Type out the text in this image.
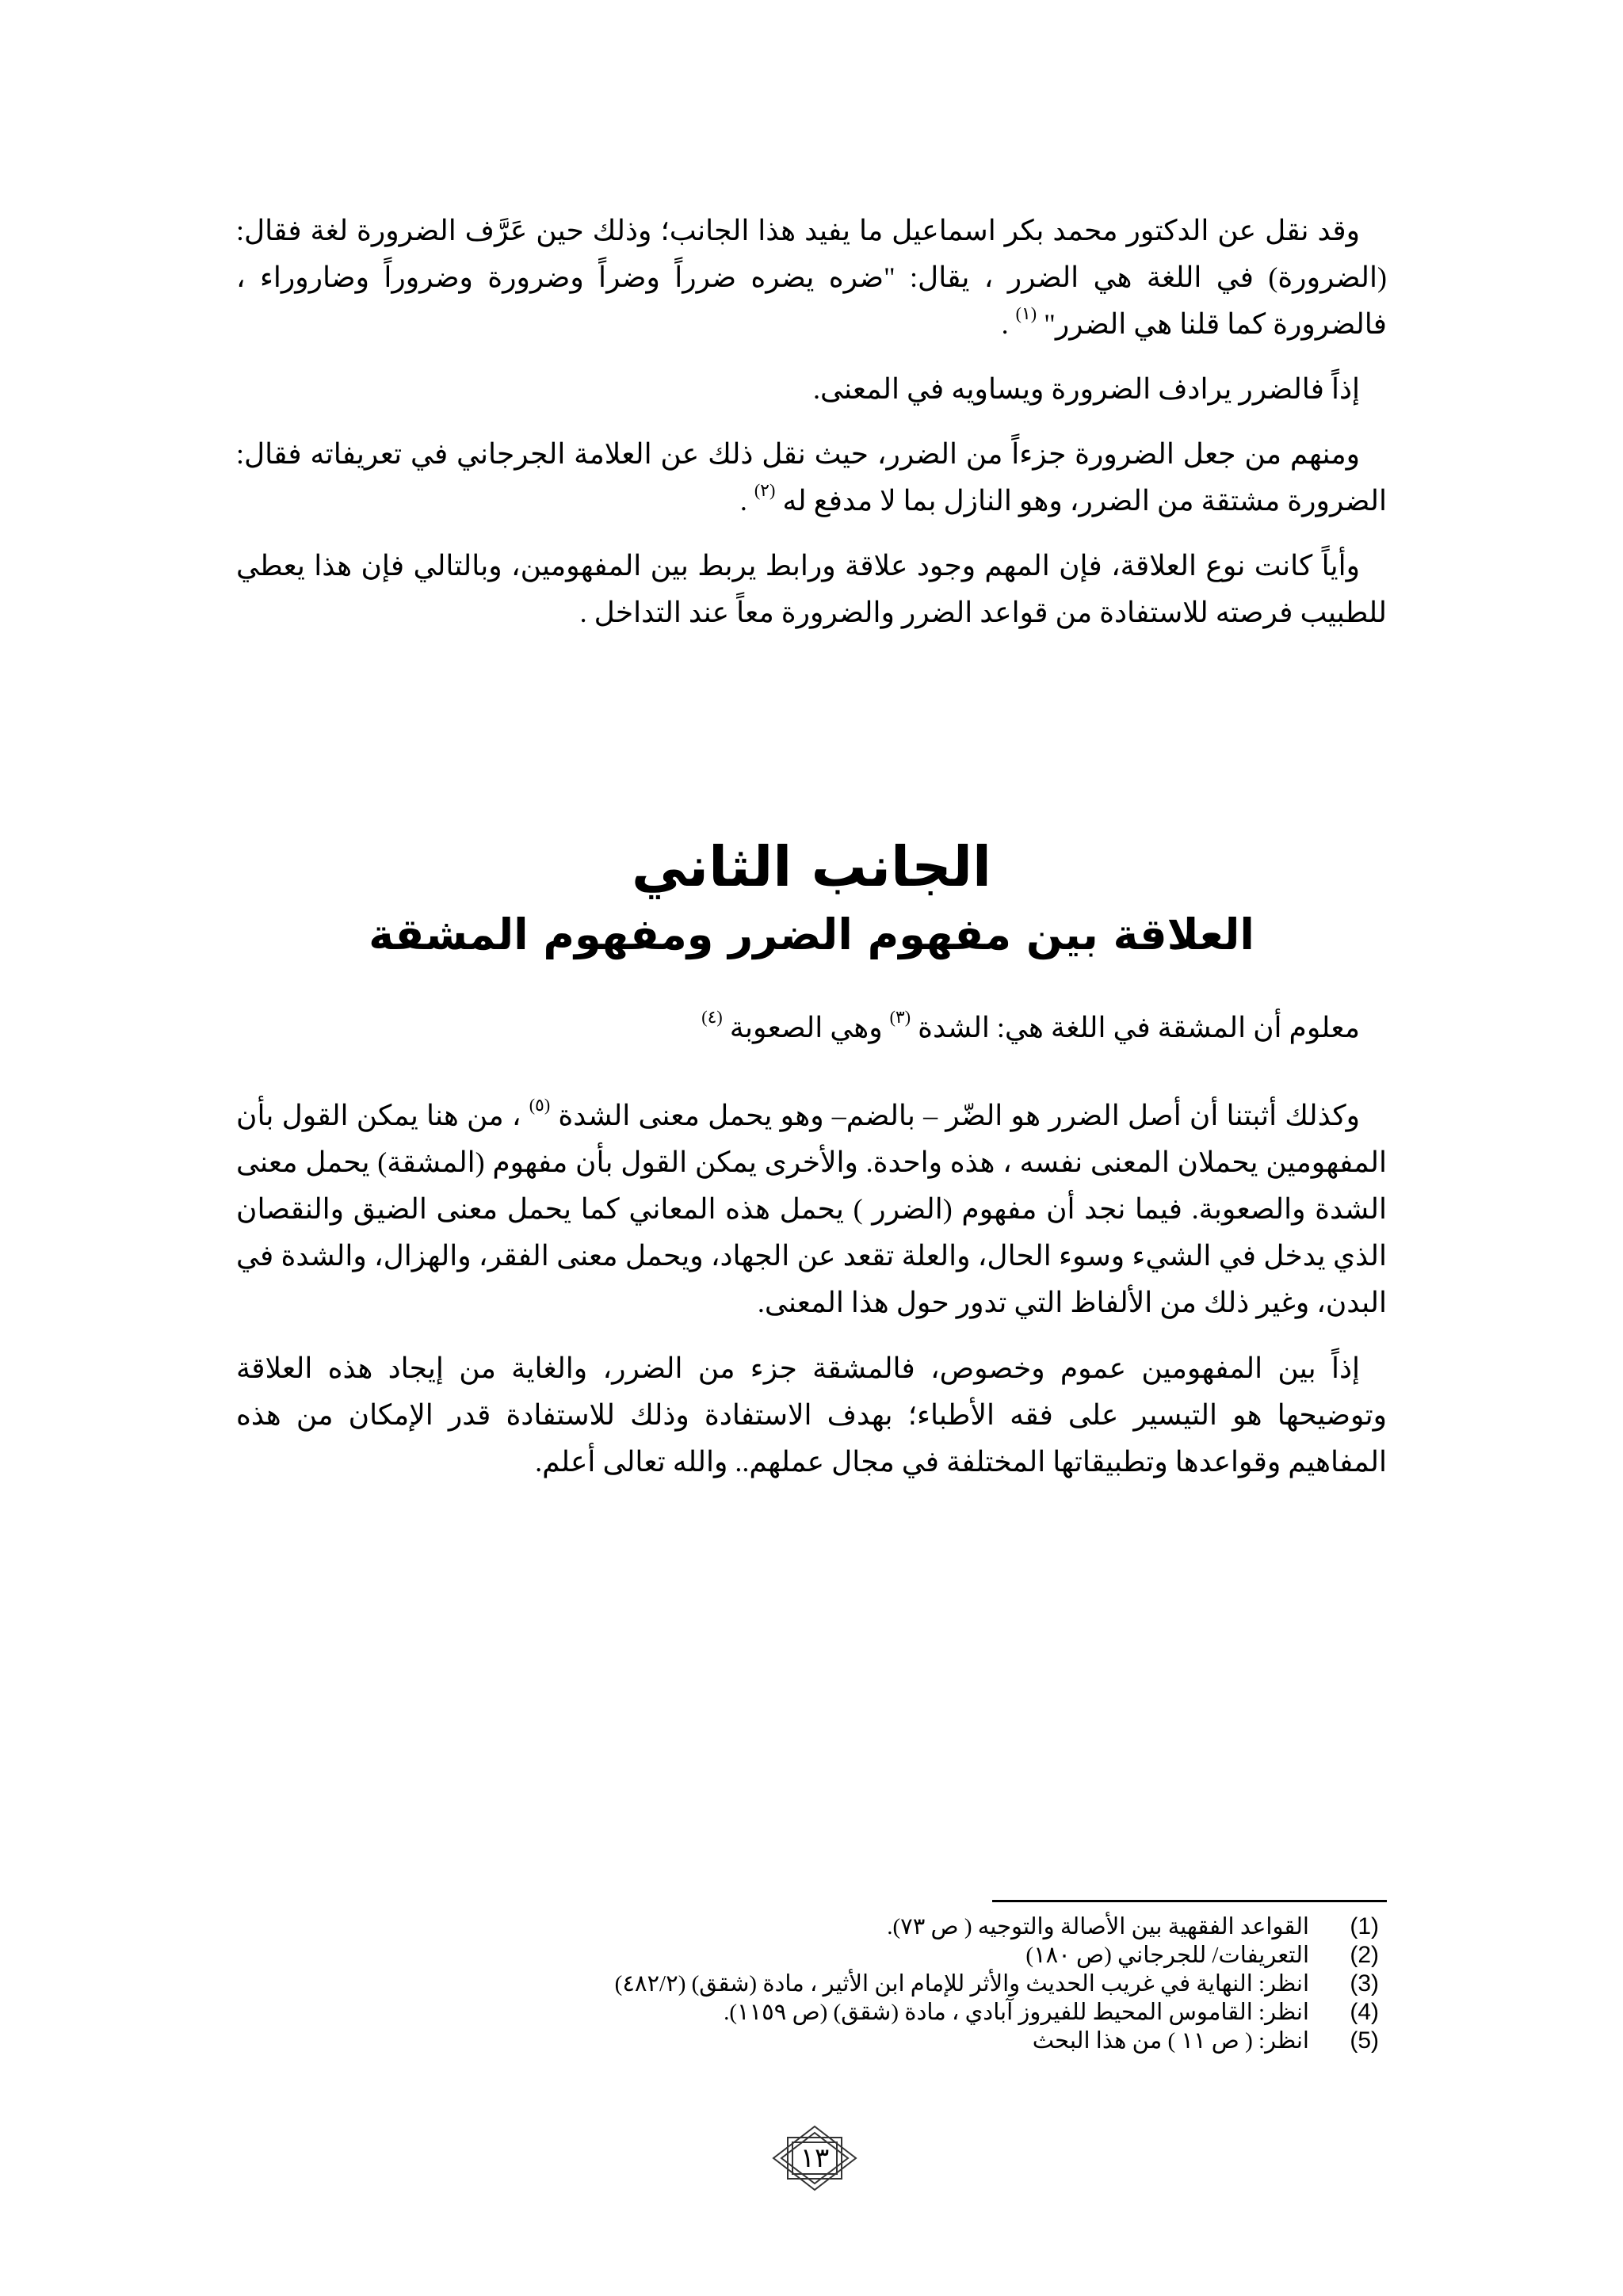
وقد نقل عن الدكتور محمد بكر اسماعيل ما يفيد هذا الجانب؛ وذلك حين عَرَّف الضرورة لغة فقال: (الضرورة) في اللغة هي الضرر ، يقال: "ضره يضره ضرراً وضراً وضرورة وضروراً وضاروراء ، فالضرورة كما قلنا هي الضرر" $^{(١)}$ .

إذاً فالضرر يرادف الضرورة ويساويه في المعنى.

ومنهم من جعل الضرورة جزءاً من الضرر، حيث نقل ذلك عن العلامة الجرجاني في تعريفاته فقال: الضرورة مشتقة من الضرر، وهو النازل بما لا مدفع له $^{(٢)}$ .

وأياً كانت نوع العلاقة، فإن المهم وجود علاقة ورابط يربط بين المفهومين، وبالتالي فإن هذا يعطي للطبيب فرصته للاستفادة من قواعد الضرر والضرورة معاً عند التداخل .

الجانب الثاني
العلاقة بين مفهوم الضرر ومفهوم المشقة

معلوم أن المشقة في اللغة هي: الشدة $^{(٣)}$ وهي الصعوبة $^{(٤)}$

وكذلك أثبتنا أن أصل الضرر هو الضّر – بالضم– وهو يحمل معنى الشدة $^{(٥)}$ ، من هنا يمكن القول بأن المفهومين يحملان المعنى نفسه ، هذه واحدة. والأخرى يمكن القول بأن مفهوم (المشقة) يحمل معنى الشدة والصعوبة. فيما نجد أن مفهوم (الضرر ) يحمل هذه المعاني كما يحمل معنى الضيق والنقصان الذي يدخل في الشيء وسوء الحال، والعلة تقعد عن الجهاد، ويحمل معنى الفقر، والهزال، والشدة في البدن، وغير ذلك من الألفاظ التي تدور حول هذا المعنى.

إذاً بين المفهومين عموم وخصوص، فالمشقة جزء من الضرر، والغاية من إيجاد هذه العلاقة وتوضيحها هو التيسير على فقه الأطباء؛ بهدف الاستفادة وذلك للاستفادة قدر الإمكان من هذه المفاهيم وقواعدها وتطبيقاتها المختلفة في مجال عملهم.. والله تعالى أعلم.

(1)
القواعد الفقهية بين الأصالة والتوجيه ( ص ٧٣).
(2)
التعريفات/ للجرجاني (ص ١٨٠)
(3)
انظر: النهاية في غريب الحديث والأثر للإمام ابن الأثير ، مادة (شقق) (٤٨٢/٢)
(4)
انظر: القاموس المحيط للفيروز آبادي ، مادة (شقق) (ص ١١٥٩).
(5)
انظر: ( ص ١١ ) من هذا البحث
١٣
